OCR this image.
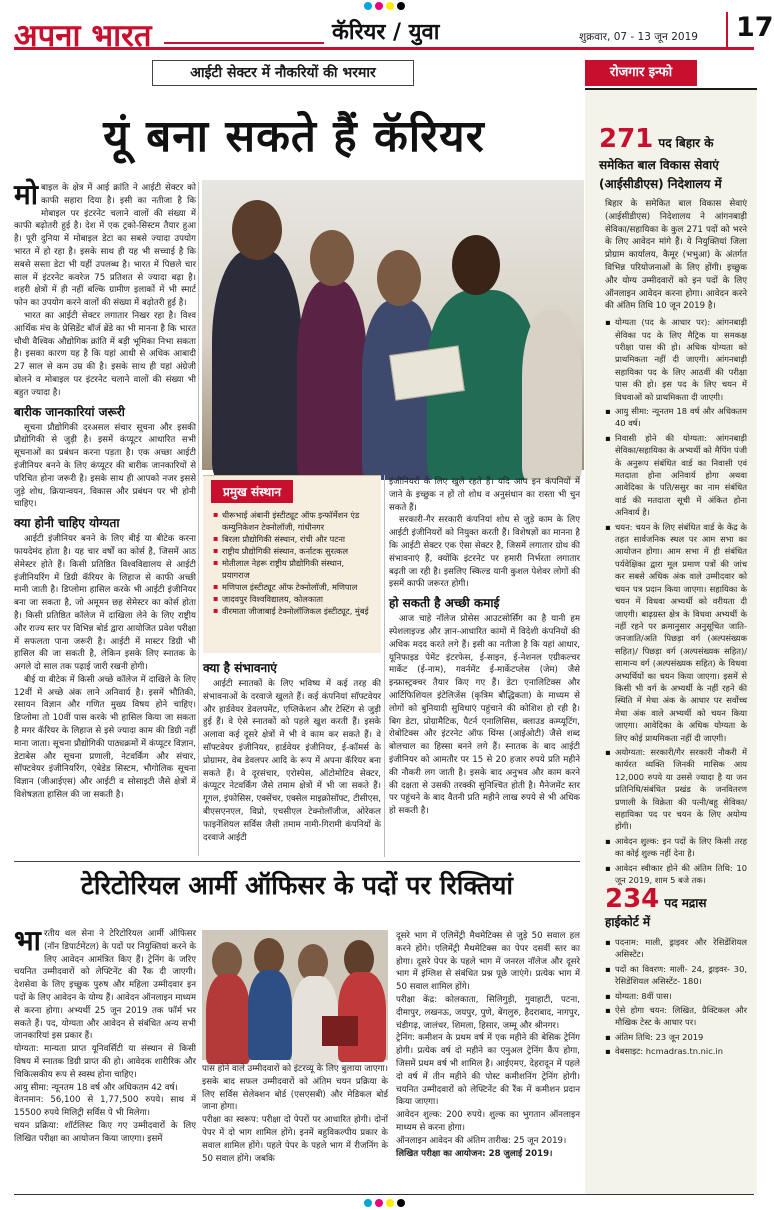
अपना भारत	कॅरियर / युवा	शुक्रवार, 07 - 13 जून 2019	17
आईटी सेक्टर में नौकरियों की भरमार
यूं बना सकते हैं कॅरियर
मोबाइल के क्षेत्र में आई क्रांति ने आईटी सेक्टर को काफी सहारा दिया है। इसी का नतीजा है कि मोबाइल पर इंटरनेट चलाने वालों की संख्या में काफी बढ़ोतरी हुई है। देश में एक ट्रको-सिस्टम तैयार हुआ है। पूरी दुनिया में मोबाइल डेटा का सबसे ज्यादा उपयोग भारत में हो रहा है। इसके साथ ही यह भी सच्चाई है कि सबसे सस्ता डेटा भी यहीं उपलब्ध है। भारत में पिछले चार साल में इंटरनेट कवरेज 75 प्रतिशत से ज्यादा बढ़ा है। शहरी क्षेत्रों में ही नहीं बल्कि ग्रामीण इलाकों में भी स्मार्ट फोन का उपयोग करने वालों की संख्या में बढ़ोतरी हुई है।
भारत का आईटी सेक्टर लगातार निखर रहा है। विश्व आर्थिक मंच के प्रेसिडेंट बॉर्ज ब्रेंडे का भी मानना है कि भारत चौथी वैश्विक औद्योगिक क्रांति में बड़ी भूमिका निभा सकता है। इसका कारण यह है कि यहां आधी से अधिक आबादी 27 साल से कम उम्र की है। इसके साथ ही यहां अंग्रेजी बोलने व मोबाइल पर इंटरनेट चलाने वालों की संख्या भी बहुत ज्यादा है।
बारीक जानकारियां जरूरी
सूचना प्रौद्योगिकी दरअसल संचार सूचना और इसकी प्रौद्योगिकी से जुड़ी है। इसमें कंप्यूटर आधारित सभी सूचनाओं का प्रबंधन करना पड़ता है। एक अच्छा आईटी इंजीनियर बनने के लिए कंप्यूटर की बारीक जानकारियों से परिचित होना जरूरी है। इसके साथ ही आपको नजर इससे जुड़े शोध, क्रियान्वयन, विकास और प्रबंधन पर भी होनी चाहिए।
क्या होनी चाहिए योग्यता
आईटी इंजीनियर बनने के लिए बीई या बीटेक करना फायदेमंद होता है। यह चार वर्षों का कोर्स है, जिसमें आठ सेमेस्टर होते हैं। किसी प्रतिष्ठित विश्वविद्यालय से आईटी इंजीनियरिंग में डिग्री कॅरियर के लिहाज से काफी अच्छी मानी जाती है। डिप्लोमा हासिल करके भी आईटी इंजीनियर बना जा सकता है, जो अमूमन छह सेमेस्टर का कोर्स होता है। किसी प्रतिष्ठित कॉलेज में दाखिला लेने के लिए राष्ट्रीय और राज्य स्तर पर विभिन्न बोर्ड द्वारा आयोजित प्रवेश परीक्षा में सफलता पाना जरूरी है। आईटी में मास्टर डिग्री भी हासिल की जा सकती है, लेकिन इसके लिए स्नातक के अगले दो साल तक पढ़ाई जारी रखनी होगी।
बीई या बीटेक में किसी अच्छे कॉलेज में दाखिले के लिए 12वीं में अच्छे अंक लाने अनिवार्य है। इसमें भौतिकी, रसायन विज्ञान और गणित मुख्य विषय होने चाहिए। डिप्लोमा तो 10वीं पास करके भी हासिल किया जा सकता है मगर कॅरियर के लिहाज से इसे ज्यादा काम की डिग्री नहीं माना जाता। सूचना प्रौद्योगिकी पाठ्यक्रमों में कंप्यूटर विज्ञान, डेटाबेस और सूचना प्रणाली, नेटवर्किंग और संचार, सॉफ्टवेयर इंजीनियरिंग, एंबेडेड सिस्टम, भौगोलिक सूचना विज्ञान (जीआईएस) और आईटी व सोसाइटी जैसे क्षेत्रों में विशेषज्ञता हासिल की जा सकती है।
प्रमुख संस्थान
▪ धीरूभाई अंबानी इंस्टीट्यूट ऑफ इन्फॉर्मेशन एंड कम्युनिकेशन टेक्नोलॉजी, गांधीनगर
▪ बिरला प्रौद्योगिकी संस्थान, रांची और पटना
▪ राष्ट्रीय प्रौद्योगिकी संस्थान, कर्नाटक सुरत्कल
▪ मोतीलाल नेहरू राष्ट्रीय प्रौद्योगिकी संस्थान, प्रयागराज
▪ मणिपाल इंस्टीट्यूट ऑफ टेक्नोलॉजी, मणिपाल
▪ जादवपुर विश्वविद्यालय, कोलकाता
▪ वीरमाता जीजाबाई टेक्नोलॉजिकल इंस्टीट्यूट, मुंबई
क्या है संभावनाएं
आईटी स्नातकों के लिए भविष्य में कई तरह की संभावनाओं के दरवाजे खुलते हैं। कई कंपनियां सॉफ्टवेयर और हार्डवेयर डेवलपमेंट, एप्लिकेशन और टेस्टिंग से जुड़ी हुई हैं। वे ऐसे स्नातकों को पहले खुश करती हैं। इसके अलावा कई दूसरे क्षेत्रों में भी वे काम कर सकते हैं। वे सॉफ्टवेयर इंजीनियर, हार्डवेयर इंजीनियर, ई-कॉमर्स के प्रोग्रामर, वेब डेवलपर आदि के रूप में अपना कॅरियर बना सकते हैं। वे दूरसंचार, एरोस्पेस, ऑटोमोटिव सेक्टर, कंप्यूटर नेटवर्किंग जैसे तमाम क्षेत्रों में भी जा सकते हैं। गूगल, इंफोसिस, एक्सेंचर, एक्सेल माइक्रोसॉफ्ट, टीसीएस, बीएसएनएल, विप्रो, एचसीएल टेक्नोलॉजीज, ओरेकल फाइनेंशियल सर्विस जैसी तमाम नामी-गिरामी कंपनियों के दरवाजे आईटी
इंजीनियरों के लिए खुले रहते हैं। यदि आप इन कंपनियों में जाने के इच्छुक न हों तो शोध व अनुसंधान का रास्ता भी चुन सकते हैं।
सरकारी-गैर सरकारी कंपनियां शोध से जुड़े काम के लिए आईटी इंजीनियरों को नियुक्त करती हैं। विशेषज्ञों का मानना है कि आईटी सेक्टर एक ऐसा सेक्टर है, जिसमें लगातार ग्रोथ की संभावनाएं हैं, क्योंकि इंटरनेट पर हमारी निर्भरता लगातार बढ़ती जा रही है। इसलिए स्किल्ड यानी कुशल पेशेवर लोगों की इसमें काफी जरूरत होगी।
हो सकती है अच्छी कमाई
आज चाहे नॉलेज प्रोसेस आउटसोर्सिंग का है यानी हम स्पेशलाइज्ड और ज्ञान-आधारित कामों में विदेशी कंपनियों की अधिक मदद करते लगे हैं। इसी का नतीजा है कि यहां आधार, यूनिफाइड पेमेंट इंटरफेस, ई-साइन, ई-नेशनल एग्रीकल्चर मार्केट (ई-नाम), गवर्नमेंट ई-मार्केटप्लेस (जेम) जैसे इन्फ्रास्ट्रक्चर तैयार किए गए हैं। डेटा एनालिटिक्स और आर्टिफिशियल इंटेलिजेंस (कृत्रिम बौद्धिकता) के माध्यम से लोगों को बुनियादी सुविधाएं पहुंचाने की कोशिश हो रही है। बिग डेटा, प्रोग्रामैटिक, पैटर्न एनालिसिस, क्लाउड कम्प्यूटिंग, रोबोटिक्स और इंटरनेट ऑफ थिंग्स (आईओटी) जैसे शब्द बोलचाल का हिस्सा बनने लगे हैं। स्नातक के बाद आईटी इंजीनियर को आमतौर पर 15 से 20 हजार रुपये प्रति महीने की नौकरी लग जाती है। इसके बाद अनुभव और काम करने की दक्षता से उसकी तरक्की सुनिश्चित होती है। मैनेजमेंट स्तर पर पहुंचने के बाद वैतनी प्रति महीने लाख रुपये से भी अधिक हो सकती है।
रोजगार इन्फो
271 पद बिहार के समेकित बाल विकास सेवाएं (आईसीडीएस) निदेशालय में
बिहार के समेकित बाल विकास सेवाएं (आईसीडीएस) निदेशालय ने आंगनबाड़ी सेविका/सहायिका के कुल 271 पदों को भरने के लिए आवेदन मांगे हैं। ये नियुक्तियां जिला प्रोग्राम कार्यालय, कैमूर (भभुआ) के अंतर्गत विभिन्न परियोजनाओं के लिए होंगी। इच्छुक और योग्य उम्मीदवारों को इन पदों के लिए ऑनलाइन आवेदन करना होगा। आवेदन करने की अंतिम तिथि 10 जून 2019 है।
▪ योग्यता (पद के आधार पर): आंगनबाड़ी सेविका पद के लिए मैट्रिक या समकक्ष परीक्षा पास की हो। अधिक योग्यता को प्राथमिकता नहीं दी जाएगी। आंगनबाड़ी सहायिका पद के लिए आठवीं की परीक्षा पास की हो। इस पद के लिए चयन में विधवाओं को प्राथमिकता दी जाएगी।
▪ आयु सीमा: न्यूनतम 18 वर्ष और अधिकतम 40 वर्ष।
▪ निवासी होने की योग्यता: आंगनबाड़ी सेविका/सहायिका के अभ्यर्थी को मैपिंग पंजी के अनुरूप संबंधित वार्ड का निवासी एवं मतदाता होना अनिवार्य होगा अथवा आवेदिका के पति/ससुर का नाम संबंधित वार्ड की मतदाता सूची में अंकित होना अनिवार्य है।
▪ चयन: चयन के लिए संबंधित वार्ड के केंद्र के तहत सार्वजनिक स्थल पर आम सभा का आयोजन होगा। आम सभा में ही संबंधित पर्यवेक्षिका द्वारा मूल प्रमाण पत्रों की जांच कर सबसे अधिक अंक वाले उम्मीदवार को चयन पत्र प्रदान किया जाएगा। सहायिका के चयन में विधवा अभ्यर्थी को वरीयता दी जाएगी। बाढ़ग्रस्त क्षेत्र के विधवा अभ्यर्थी के नहीं रहने पर क्रमानुसार अनुसूचित जाति-जनजाति/अति पिछड़ा वर्ग (अल्पसंख्यक सहित)/ पिछड़ा वर्ग (अल्पसंख्यक सहित)/ सामान्य वर्ग (अल्पसंख्यक सहित) के विधवा अभ्यर्थियों का चयन किया जाएगा। इसमें से किसी भी वर्ग के अभ्यर्थी के नहीं रहने की स्थिति में मेधा अंक के आधार पर सर्वोच्च मेधा अंक वाले अभ्यर्थी को चयन किया जाएगा। आवेदिका के अधिक योग्यता के लिए कोई प्राथमिकता नहीं दी जाएगी।
▪ अयोग्यता: सरकारी/गैर सरकारी नौकरी में कार्यरत व्यक्ति जिनकी मासिक आय 12,000 रुपये या उससे ज्यादा है या जन प्रतिनिधि/संबंधित प्रखंड के जनवितरण प्रणाली के विक्रेता की पत्नी/बहू सेविका/सहायिका पद पर चयन के लिए अयोग्य होंगी।
▪ आवेदन शुल्क: इन पदों के लिए किसी तरह का कोई शुल्क नहीं देना है।
▪ आवेदन स्वीकार होने की अंतिम तिथि: 10 जून 2019, शाम 5 बजे तक।
234 पद मद्रास
हाईकोर्ट में
▪ पदनाम: माली, ड्राइवर और रेसिडेंशियल असिस्टेंट।
▪ पदों का विवरण: माली- 24, ड्राइवर- 30, रेसिडेंशियल असिस्टेंट- 180।
▪ योग्यता: 8वीं पास।
▪ ऐसे होगा चयन: लिखित, प्रैक्टिकल और मौखिक टेस्ट के आधार पर।
▪ अंतिम तिथि: 23 जून 2019
▪ वेबसाइट: hcmadras.tn.nic.in
टेरिटोरियल आर्मी ऑफिसर के पदों पर रिक्तियां
भारतीय थल सेना ने टेरिटोरियल आर्मी ऑफिसर (नॉन डिपार्टमेंटल) के पदों पर नियुक्तियां करने के लिए आवेदन आमंत्रित किए हैं। ट्रेनिंग के जरिए चयनित उम्मीदवारों को लेफ्टिनेंट की रैंक दी जाएगी। देशसेवा के लिए इच्छुक पुरुष और महिला उम्मीदवार इन पदों के लिए आवेदन के योग्य हैं। आवेदन ऑनलाइन माध्यम से करना होगा। अभ्यर्थी 25 जून 2019 तक फॉर्म भर सकते हैं। पद, योग्यता और आवेदन से संबंधित अन्य सभी जानकारियां इस प्रकार हैं।
योग्यता: मान्यता प्राप्त यूनिवर्सिटी या संस्थान से किसी विषय में स्नातक डिग्री प्राप्त की हो। आवेदक शारीरिक और चिकित्सकीय रूप से स्वस्थ होना चाहिए।
आयु सीमा: न्यूनतम 18 वर्ष और अधिकतम 42 वर्ष।
वेतनमान: 56,100 से 1,77,500 रुपये। साथ में 15500 रुपये मिलिट्री सर्विस पे भी मिलेगा।
चयन प्रक्रिया: शॉर्टलिस्ट किए गए उम्मीदवारों के लिए लिखित परीक्षा का आयोजन किया जाएगा। इसमें
पास होने वाले उम्मीदवारों को इंटरव्यू के लिए बुलाया जाएगा। इसके बाद सफल उम्मीदवारों को अंतिम चयन प्रक्रिया के लिए सर्विस सेलेक्शन बोर्ड (एसएसबी) और मेडिकल बोर्ड जाना होगा।
परीक्षा का स्वरूप: परीक्षा दो पेपरों पर आधारित होगी। दोनों पेपर में दो भाग शामिल होंगे। इनमें बहुविकल्पीय प्रकार के सवाल शामिल होंगे। पहले पेपर के पहले भाग में रीजनिंग के 50 सवाल होंगे। जबकि
दूसरे भाग में एलिमेंट्री मैथमेटिक्स से जुड़े 50 सवाल हल करने होंगे। एलिमेंट्री मैथमेटिक्स का पेपर दसवीं स्तर का होगा। दूसरे पेपर के पहले भाग में जनरल नॉलेज और दूसरे भाग में इंग्लिश से संबंधित प्रश्न पूछे जाएंगे। प्रत्येक भाग में 50 सवाल शामिल होंगे।
परीक्षा केंद्र: कोलकाता, सिलिगुड़ी, गुवाहाटी, पटना, दीमापुर, लखनऊ, जयपुर, पुणे, बेंगलुरु, हैदराबाद, नागपुर, चंडीगढ़, जालंधर, शिमला, हिसार, जम्मू और श्रीनगर।
ट्रेनिंग: कमीशन के प्रथम वर्ष में एक महीने की बेसिक ट्रेनिंग होगी। प्रत्येक वर्ष दो महीने का एनुअल ट्रेनिंग कैंप होगा, जिसमें प्रथम वर्ष भी शामिल है। आईएमए, देहरादून में पहले दो वर्ष में तीन महीने की पोस्ट कमीशनिंग ट्रेनिंग होगी। चयनित उम्मीदवारों को लेफ्टिनेंट की रैंक में कमीशन प्रदान किया जाएगा।
आवेदन शुल्क: 200 रुपये। शुल्क का भुगतान ऑनलाइन माध्यम से करना होगा।
ऑनलाइन आवेदन की अंतिम तारीख: 25 जून 2019।
लिखित परीक्षा का आयोजन: 28 जुलाई 2019।
